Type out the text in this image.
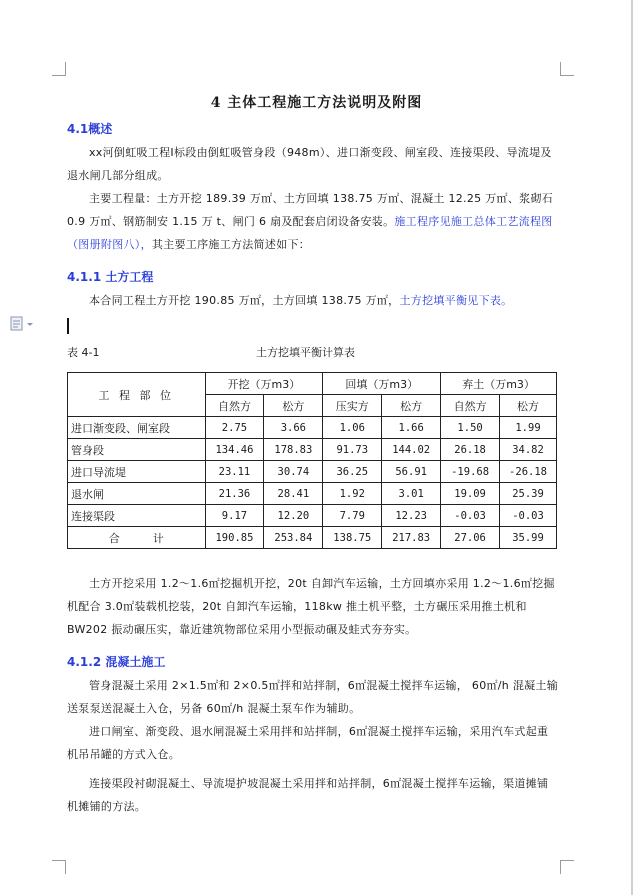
4 主体工程施工方法说明及附图
4.1概述

xx河倒虹吸工程Ⅰ标段由倒虹吸管身段（948m）、进口渐变段、闸室段、连接渠段、导流堤及退水闸几部分组成。

主要工程量：土方开挖 189.39 万㎡、土方回填 138.75 万㎡、混凝土 12.25 万㎡、浆砌石 0.9 万㎡、钢筋制安 1.15 万 t、闸门 6 扇及配套启闭设备安装。施工程序见施工总体工艺流程图（图册附图八），其主要工序施工方法简述如下：

4.1.1 土方工程

本合同工程土方开挖 190.85 万㎡，土方回填 138.75 万㎡，土方挖填平衡见下表。

表 4-1	土方挖填平衡计算表
工 程 部 位	开挖（万m3）		回填（万m3）		弃土（万m3）	
	自然方	松方	压实方	松方	自然方	松方
进口渐变段、闸室段	2.75	3.66	1.06	1.66	1.50	1.99
管身段	134.46	178.83	91.73	144.02	26.18	34.82
进口导流堤	23.11	30.74	36.25	56.91	-19.68	-26.18
退水闸	21.36	28.41	1.92	3.01	19.09	25.39
连接渠段	9.17	12.20	7.79	12.23	-0.03	-0.03
合　　　计	190.85	253.84	138.75	217.83	27.06	35.99

土方开挖采用 1.2～1.6㎡挖掘机开挖，20t 自卸汽车运输，土方回填亦采用 1.2～1.6㎡挖掘机配合 3.0㎡装载机挖装，20t 自卸汽车运输，118kw 推土机平整，土方碾压采用推土机和 BW202 振动碾压实，靠近建筑物部位采用小型振动碾及蛙式夯夯实。

4.1.2 混凝土施工

管身混凝土采用 2×1.5㎡和 2×0.5㎡拌和站拌制，6㎡混凝土搅拌车运输， 60㎡/h 混凝土输送泵泵送混凝土入仓，另备 60㎡/h 混凝土泵车作为辅助。

进口闸室、渐变段、退水闸混凝土采用拌和站拌制，6㎡混凝土搅拌车运输，采用汽车式起重机吊吊罐的方式入仓。

连接渠段衬砌混凝土、导流堤护坡混凝土采用拌和站拌制，6㎡混凝土搅拌车运输，渠道摊铺机摊铺的方法。
